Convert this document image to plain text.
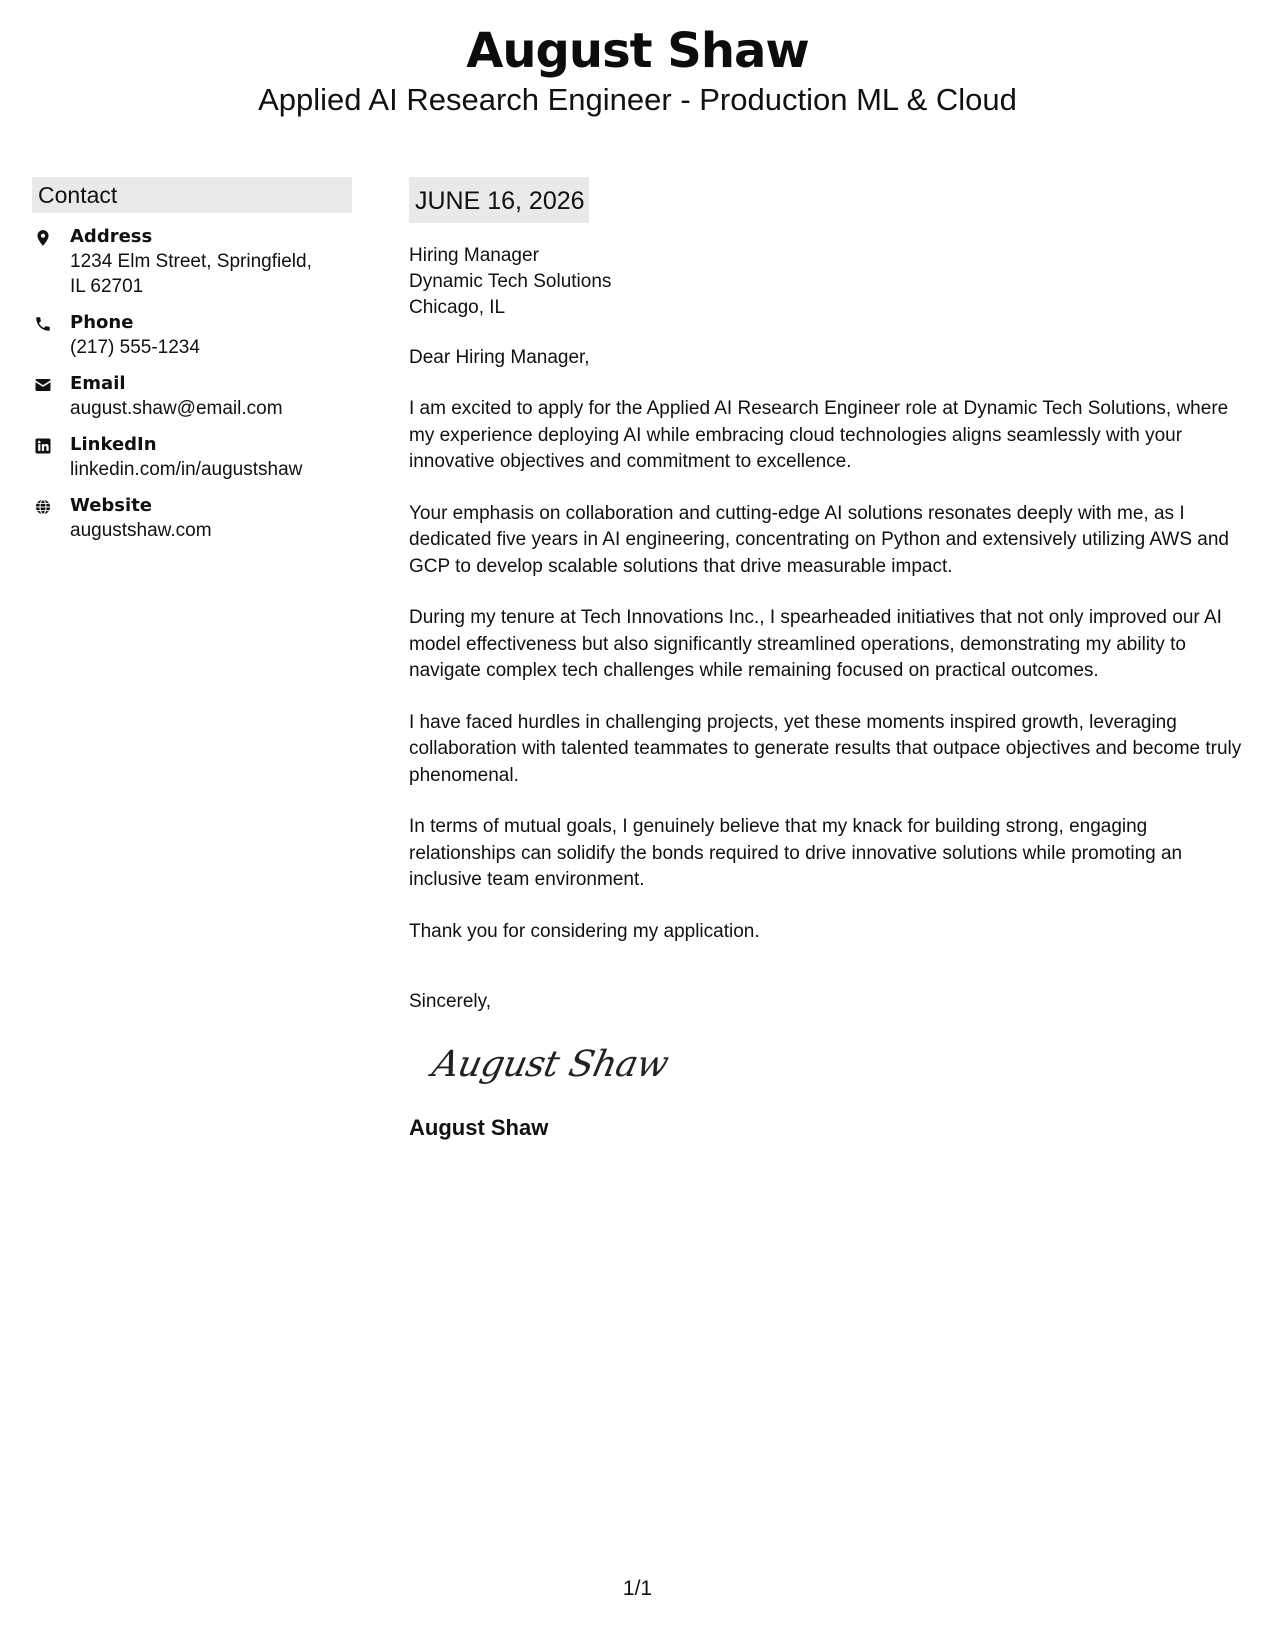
August Shaw
Applied AI Research Engineer - Production ML & Cloud
Contact
Address
1234 Elm Street, Springfield, IL 62701
Phone
(217) 555-1234
Email
august.shaw@email.com
LinkedIn
linkedin.com/in/augustshaw
Website
augustshaw.com
JUNE 16, 2026
Hiring Manager
Dynamic Tech Solutions
Chicago, IL
Dear Hiring Manager,
I am excited to apply for the Applied AI Research Engineer role at Dynamic Tech Solutions, where my experience deploying AI while embracing cloud technologies aligns seamlessly with your innovative objectives and commitment to excellence.
Your emphasis on collaboration and cutting-edge AI solutions resonates deeply with me, as I dedicated five years in AI engineering, concentrating on Python and extensively utilizing AWS and GCP to develop scalable solutions that drive measurable impact.
During my tenure at Tech Innovations Inc., I spearheaded initiatives that not only improved our AI model effectiveness but also significantly streamlined operations, demonstrating my ability to navigate complex tech challenges while remaining focused on practical outcomes.
I have faced hurdles in challenging projects, yet these moments inspired growth, leveraging collaboration with talented teammates to generate results that outpace objectives and become truly phenomenal.
In terms of mutual goals, I genuinely believe that my knack for building strong, engaging relationships can solidify the bonds required to drive innovative solutions while promoting an inclusive team environment.
Thank you for considering my application.
Sincerely,
August Shaw
August Shaw
1/1
